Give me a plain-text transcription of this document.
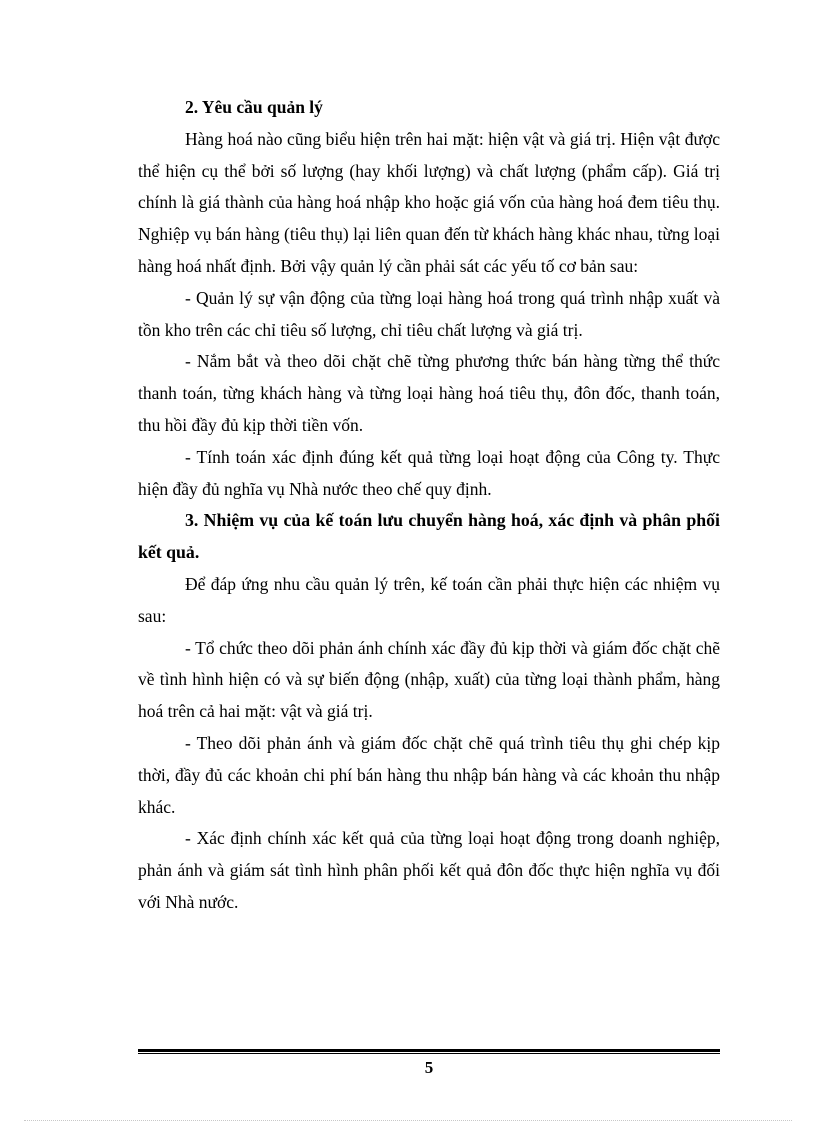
2. Yêu cầu quản lý

Hàng hoá nào cũng biểu hiện trên hai mặt: hiện vật và giá trị. Hiện vật được thể hiện cụ thể bởi số lượng (hay khối lượng) và chất lượng (phẩm cấp). Giá trị chính là giá thành của hàng hoá nhập kho hoặc giá vốn của hàng hoá đem tiêu thụ. Nghiệp vụ bán hàng (tiêu thụ) lại liên quan đến từ khách hàng khác nhau, từng loại hàng hoá nhất định. Bởi vậy quản lý cần phải sát các yếu tố cơ bản sau:

- Quản lý sự vận động của từng loại hàng hoá trong quá trình nhập xuất và tồn kho trên các chỉ tiêu số lượng, chỉ tiêu chất lượng và giá trị.

- Nắm bắt và theo dõi chặt chẽ từng phương thức bán hàng từng thể thức thanh toán, từng khách hàng và từng loại hàng hoá tiêu thụ, đôn đốc, thanh toán, thu hồi đầy đủ kịp thời tiền vốn.

- Tính toán xác định đúng kết quả từng loại hoạt động của Công ty. Thực hiện đầy đủ nghĩa vụ Nhà nước theo chế quy định.

3. Nhiệm vụ của kế toán lưu chuyển hàng hoá, xác định và phân phối kết quả.

Để đáp ứng nhu cầu quản lý trên, kế toán cần phải thực hiện các nhiệm vụ sau:

- Tổ chức theo dõi phản ánh chính xác đầy đủ kịp thời và giám đốc chặt chẽ về tình hình hiện có và sự biến động (nhập, xuất) của từng loại thành phẩm, hàng hoá trên cả hai mặt: vật và giá trị.

- Theo dõi phản ánh và giám đốc chặt chẽ quá trình tiêu thụ ghi chép kịp thời, đầy đủ các khoản chi phí bán hàng thu nhập bán hàng và các khoản thu nhập khác.

- Xác định chính xác kết quả của từng loại hoạt động trong doanh nghiệp, phản ánh và giám sát tình hình phân phối kết quả đôn đốc thực hiện nghĩa vụ đối với Nhà nước.

5
